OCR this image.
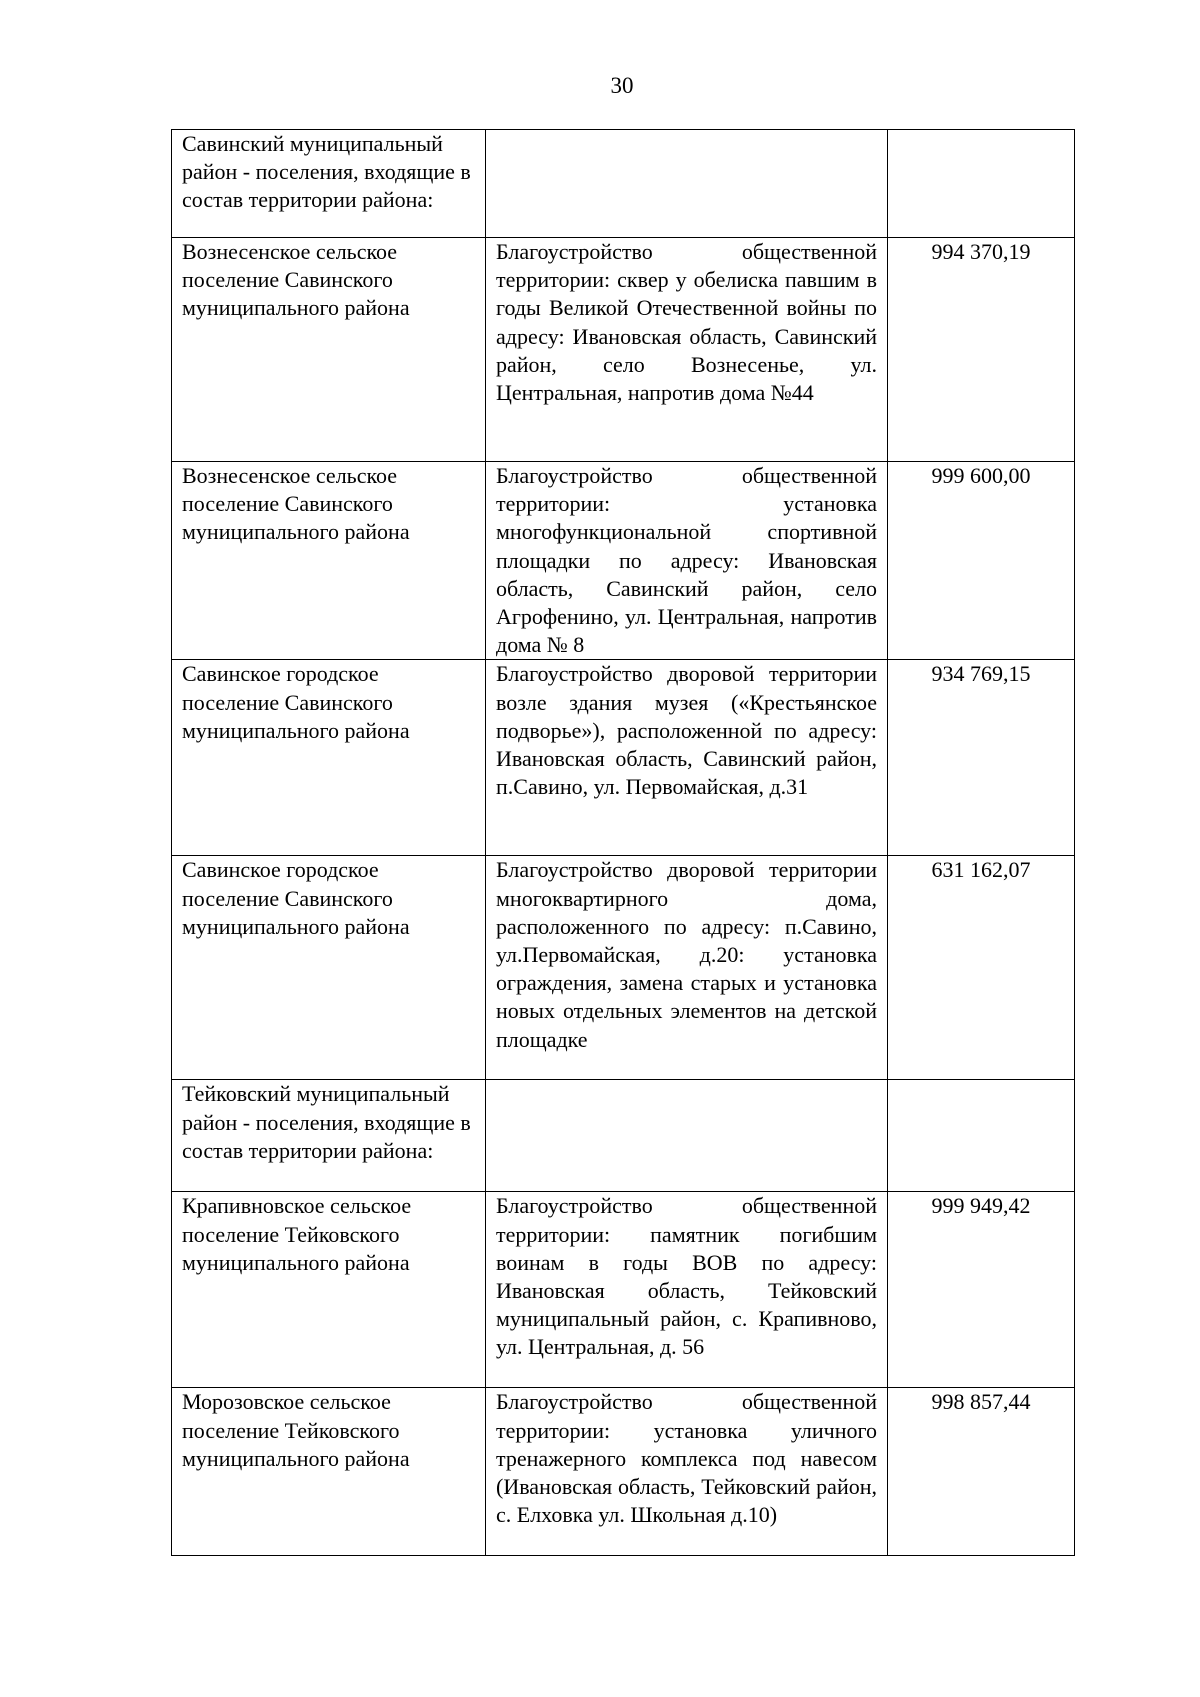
30
Савинский муниципальный район - поселения, входящие в состав территории района:		
Вознесенское сельское поселение Савинского муниципального района	Благоустройство общественной территории: сквер у обелиска павшим в годы Великой Отечественной войны по адресу: Ивановская область, Савинский район, село Вознесенье, ул. Центральная, напротив дома №44	994 370,19
Вознесенское сельское поселение Савинского муниципального района	Благоустройство общественной территории: установка многофункциональной спортивной площадки по адресу: Ивановская область, Савинский район, село Агрофенино, ул. Центральная, напротив дома № 8	999 600,00
Савинское городское поселение Савинского муниципального района	Благоустройство дворовой территории возле здания музея («Крестьянское подворье»), расположенной по адресу: Ивановская область, Савинский район, п.Савино, ул. Первомайская, д.31	934 769,15
Савинское городское поселение Савинского муниципального района	Благоустройство дворовой территории многоквартирного дома, расположенного по адресу: п.Савино, ул.Первомайская, д.20: установка ограждения, замена старых и установка новых отдельных элементов на детской площадке	631 162,07
Тейковский муниципальный район - поселения, входящие в состав территории района:		
Крапивновское сельское поселение Тейковского муниципального района	Благоустройство общественной территории: памятник погибшим воинам в годы ВОВ по адресу: Ивановская область, Тейковский муниципальный район, с. Крапивново, ул. Центральная, д. 56	999 949,42
Морозовское сельское поселение Тейковского муниципального района	Благоустройство общественной территории: установка уличного тренажерного комплекса под навесом (Ивановская область, Тейковский район, с. Елховка ул. Школьная д.10)	998 857,44
